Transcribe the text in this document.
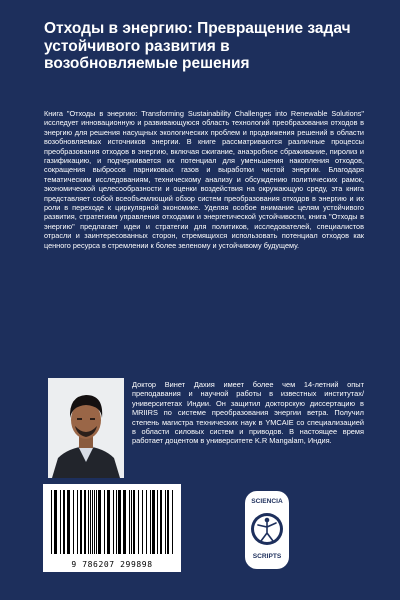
Отходы в энергию: Превращение задач устойчивого развития в возобновляемые решения

Книга "Отходы в энергию: Transforming Sustainability Challenges into Renewable Solutions" исследует инновационную и развивающуюся область технологий преобразования отходов в энергию для решения насущных экологических проблем и продвижения решений в области возобновляемых источников энергии. В книге рассматриваются различные процессы преобразования отходов в энергию, включая сжигание, анаэробное сбраживание, пиролиз и газификацию, и подчеркивается их потенциал для уменьшения накопления отходов, сокращения выбросов парниковых газов и выработки чистой энергии. Благодаря тематическим исследованиям, техническому анализу и обсуждению политических рамок, экономической целесообразности и оценки воздействия на окружающую среду, эта книга представляет собой всеобъемлющий обзор систем преобразования отходов в энергию и их роли в переходе к циркулярной экономике. Уделяя особое внимание целям устойчивого развития, стратегиям управления отходами и энергетической устойчивости, книга "Отходы в энергию" предлагает идеи и стратегии для политиков, исследователей, специалистов отрасли и заинтересованных сторон, стремящихся использовать потенциал отходов как ценного ресурса в стремлении к более зеленому и устойчивому будущему.

Доктор Винет Дахия имеет более чем 14-летний опыт преподавания и научной работы в известных институтах/университетах Индии. Он защитил докторскую диссертацию в MRIIRS по системе преобразования энергии ветра. Получил степень магистра технических наук в YMCAIE со специализацией в области силовых систем и приводов. В настоящее время работает доцентом в университете K.R Mangalam, Индия.

9 786207 299898
SCIENCIA
SCRIPTS
